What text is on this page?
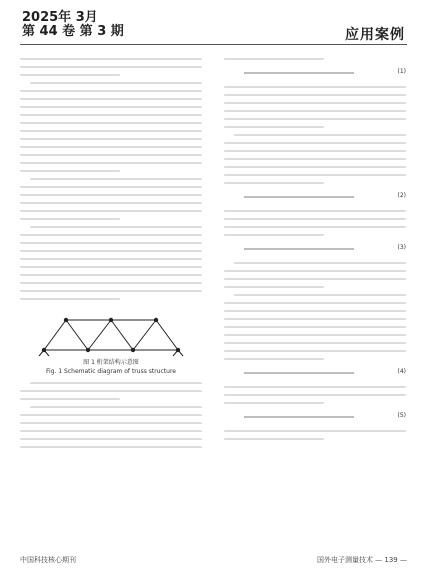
2025年 3月
第 44 卷 第 3 期	应用案例
图 1 桁架结构示意图
Fig. 1 Schematic diagram of truss structure
(1)
(2)
(3)
(4)
(5)
中国科技核心期刊	国外电子测量技术 — 139 —
